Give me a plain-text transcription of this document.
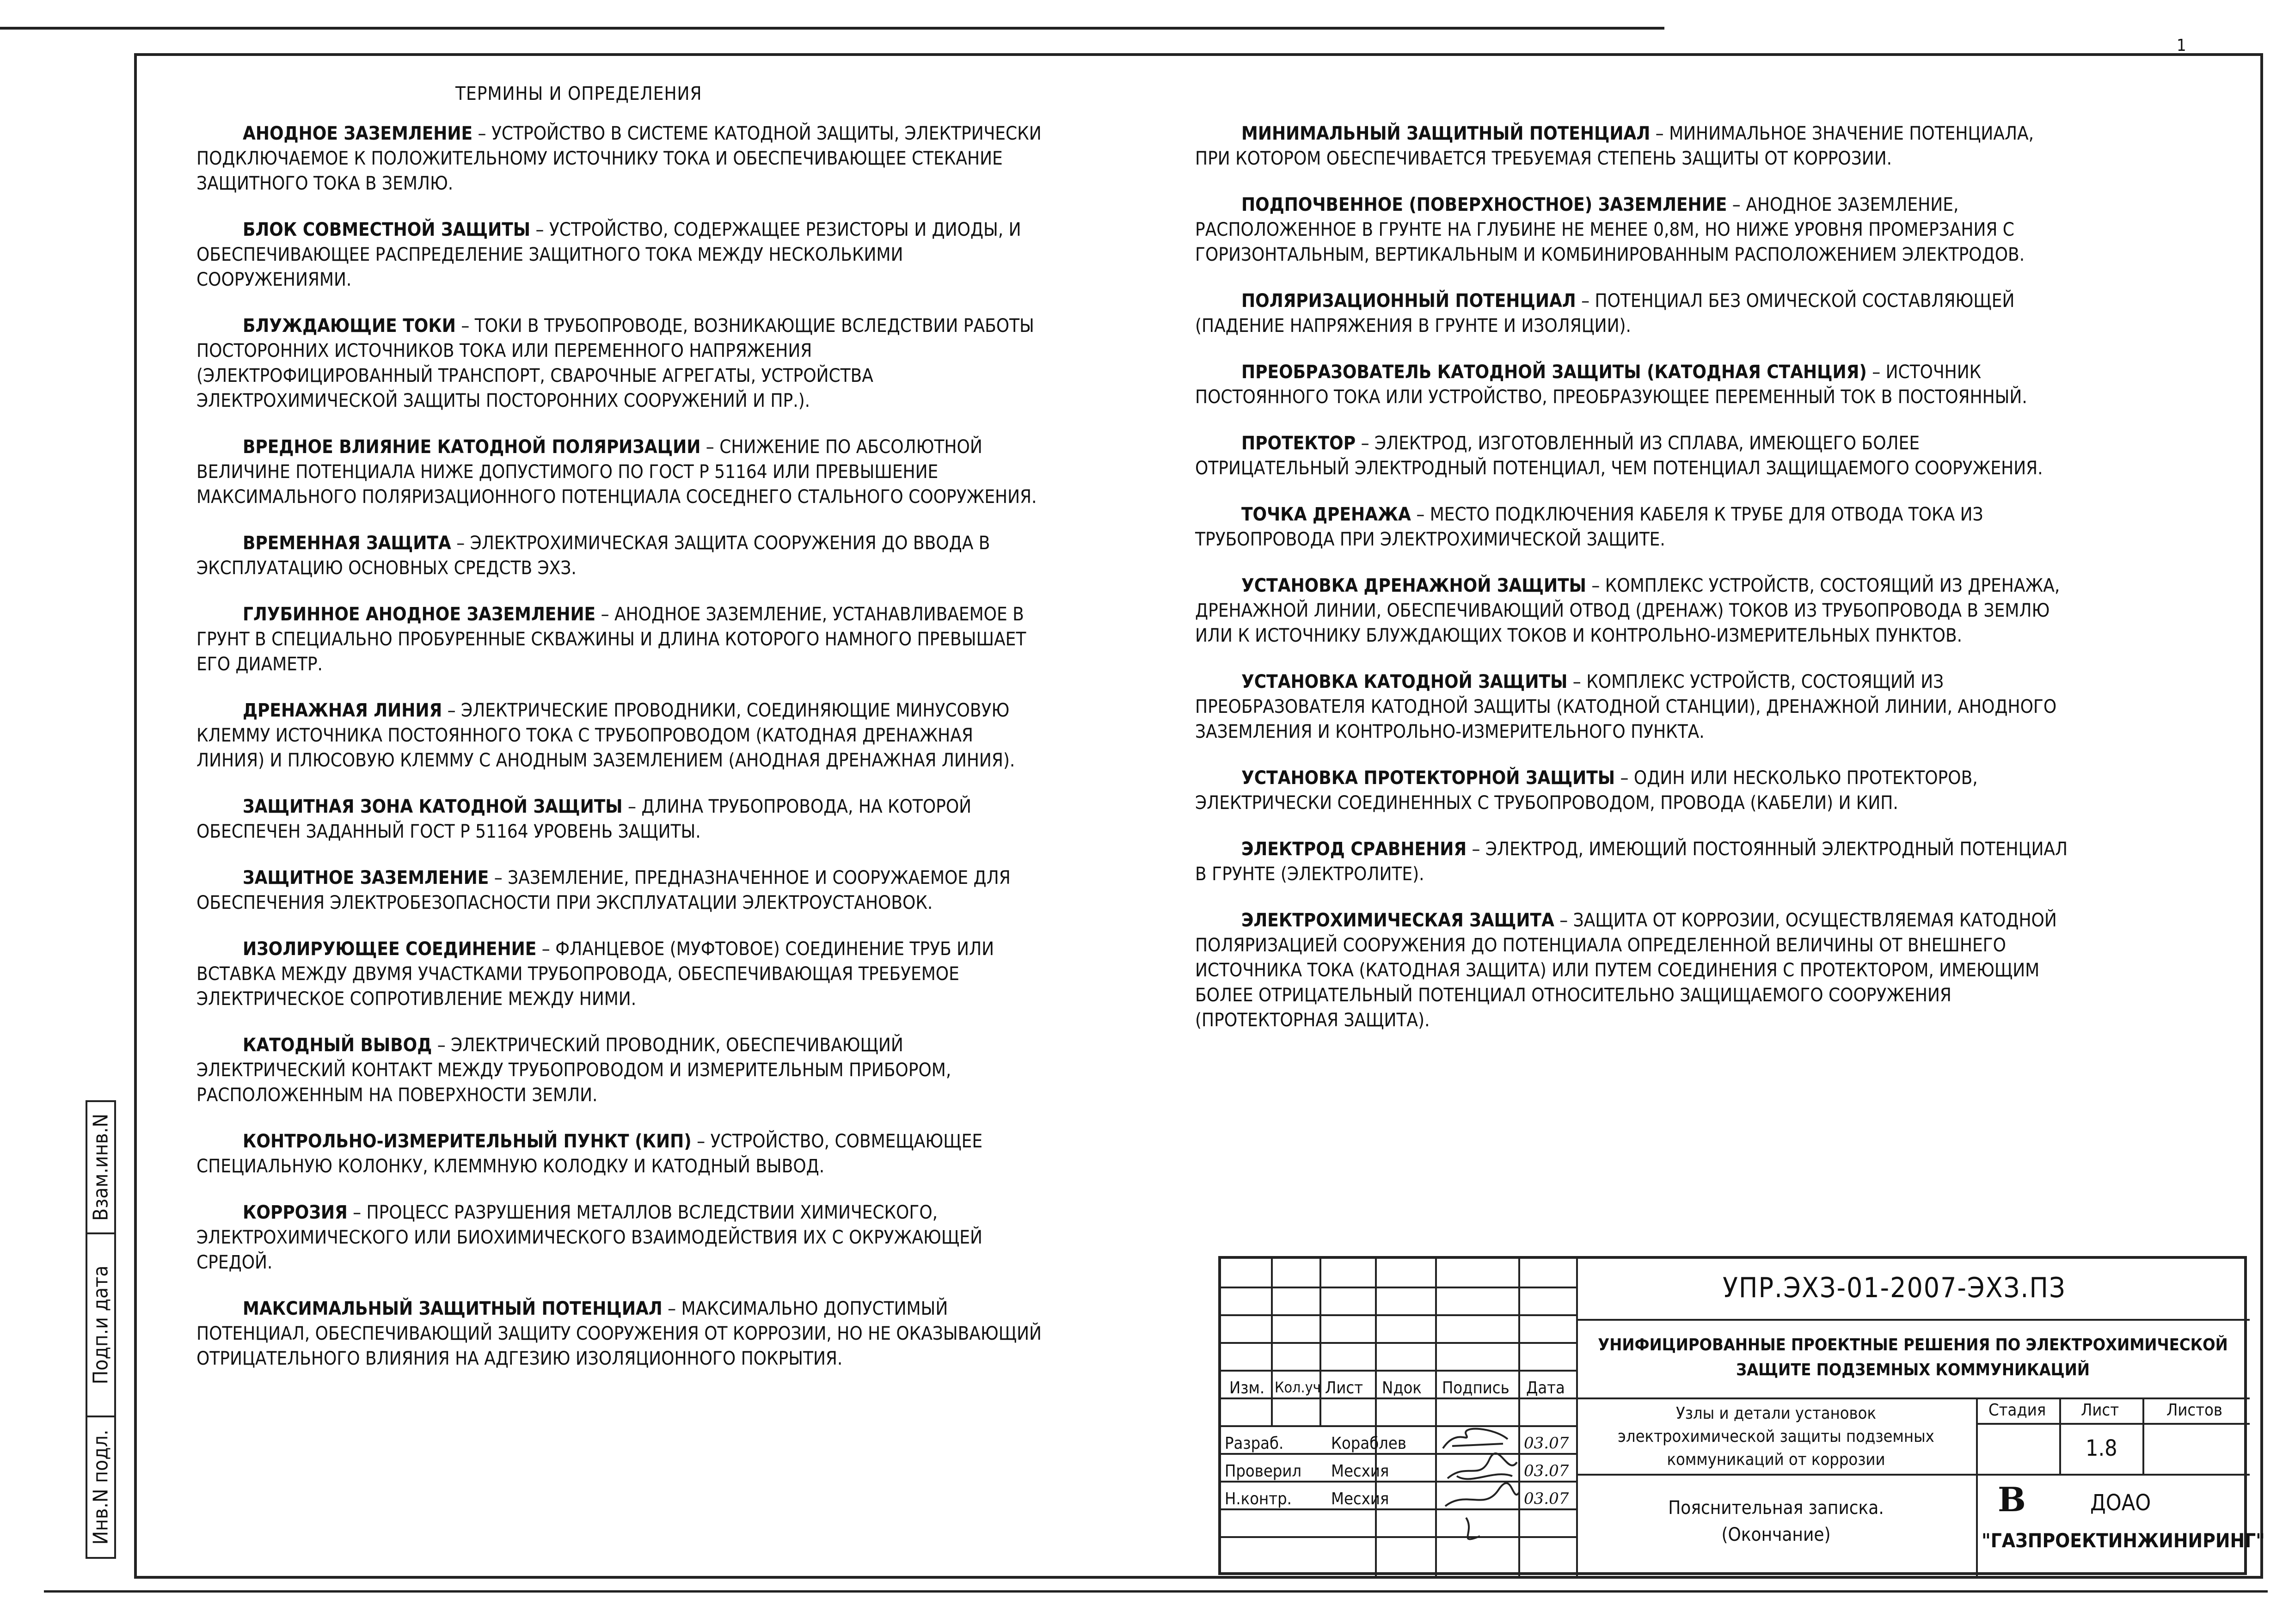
1
Взам.инв.N
Подп.и дата
Инв.N подл.
ТЕРМИНЫ И ОПРЕДЕЛЕНИЯ

АНОДНОЕ ЗАЗЕМЛЕНИЕ – УСТРОЙСТВО В СИСТЕМЕ КАТОДНОЙ ЗАЩИТЫ, ЭЛЕКТРИЧЕСКИ ПОДКЛЮЧАЕМОЕ К ПОЛОЖИТЕЛЬНОМУ ИСТОЧНИКУ ТОКА И ОБЕСПЕЧИВАЮЩЕЕ СТЕКАНИЕ ЗАЩИТНОГО ТОКА В ЗЕМЛЮ.

БЛОК СОВМЕСТНОЙ ЗАЩИТЫ – УСТРОЙСТВО, СОДЕРЖАЩЕЕ РЕЗИСТОРЫ И ДИОДЫ, И ОБЕСПЕЧИВАЮЩЕЕ РАСПРЕДЕЛЕНИЕ ЗАЩИТНОГО ТОКА МЕЖДУ НЕСКОЛЬКИМИ СООРУЖЕНИЯМИ.

БЛУЖДАЮЩИЕ ТОКИ – ТОКИ В ТРУБОПРОВОДЕ, ВОЗНИКАЮЩИЕ ВСЛЕДСТВИИ РАБОТЫ ПОСТОРОННИХ ИСТОЧНИКОВ ТОКА ИЛИ ПЕРЕМЕННОГО НАПРЯЖЕНИЯ (ЭЛЕКТРОФИЦИРОВАННЫЙ ТРАНСПОРТ, СВАРОЧНЫЕ АГРЕГАТЫ, УСТРОЙСТВА ЭЛЕКТРОХИМИЧЕСКОЙ ЗАЩИТЫ ПОСТОРОННИХ СООРУЖЕНИЙ И ПР.).

ВРЕДНОЕ ВЛИЯНИЕ КАТОДНОЙ ПОЛЯРИЗАЦИИ – СНИЖЕНИЕ ПО АБСОЛЮТНОЙ ВЕЛИЧИНЕ ПОТЕНЦИАЛА НИЖЕ ДОПУСТИМОГО ПО ГОСТ Р 51164 ИЛИ ПРЕВЫШЕНИЕ МАКСИМАЛЬНОГО ПОЛЯРИЗАЦИОННОГО ПОТЕНЦИАЛА СОСЕДНЕГО СТАЛЬНОГО СООРУЖЕНИЯ.

ВРЕМЕННАЯ ЗАЩИТА – ЭЛЕКТРОХИМИЧЕСКАЯ ЗАЩИТА СООРУЖЕНИЯ ДО ВВОДА В ЭКСПЛУАТАЦИЮ ОСНОВНЫХ СРЕДСТВ ЭХЗ.

ГЛУБИННОЕ АНОДНОЕ ЗАЗЕМЛЕНИЕ – АНОДНОЕ ЗАЗЕМЛЕНИЕ, УСТАНАВЛИВАЕМОЕ В ГРУНТ В СПЕЦИАЛЬНО ПРОБУРЕННЫЕ СКВАЖИНЫ И ДЛИНА КОТОРОГО НАМНОГО ПРЕВЫШАЕТ ЕГО ДИАМЕТР.

ДРЕНАЖНАЯ ЛИНИЯ – ЭЛЕКТРИЧЕСКИЕ ПРОВОДНИКИ, СОЕДИНЯЮЩИЕ МИНУСОВУЮ КЛЕММУ ИСТОЧНИКА ПОСТОЯННОГО ТОКА С ТРУБОПРОВОДОМ (КАТОДНАЯ ДРЕНАЖНАЯ ЛИНИЯ) И ПЛЮСОВУЮ КЛЕММУ С АНОДНЫМ ЗАЗЕМЛЕНИЕМ (АНОДНАЯ ДРЕНАЖНАЯ ЛИНИЯ).

ЗАЩИТНАЯ ЗОНА КАТОДНОЙ ЗАЩИТЫ – ДЛИНА ТРУБОПРОВОДА, НА КОТОРОЙ ОБЕСПЕЧЕН ЗАДАННЫЙ ГОСТ Р 51164 УРОВЕНЬ ЗАЩИТЫ.

ЗАЩИТНОЕ ЗАЗЕМЛЕНИЕ – ЗАЗЕМЛЕНИЕ, ПРЕДНАЗНАЧЕННОЕ И СООРУЖАЕМОЕ ДЛЯ ОБЕСПЕЧЕНИЯ ЭЛЕКТРОБЕЗОПАСНОСТИ ПРИ ЭКСПЛУАТАЦИИ ЭЛЕКТРОУСТАНОВОК.

ИЗОЛИРУЮЩЕЕ СОЕДИНЕНИЕ – ФЛАНЦЕВОЕ (МУФТОВОЕ) СОЕДИНЕНИЕ ТРУБ ИЛИ ВСТАВКА МЕЖДУ ДВУМЯ УЧАСТКАМИ ТРУБОПРОВОДА, ОБЕСПЕЧИВАЮЩАЯ ТРЕБУЕМОЕ ЭЛЕКТРИЧЕСКОЕ СОПРОТИВЛЕНИЕ МЕЖДУ НИМИ.

КАТОДНЫЙ ВЫВОД – ЭЛЕКТРИЧЕСКИЙ ПРОВОДНИК, ОБЕСПЕЧИВАЮЩИЙ ЭЛЕКТРИЧЕСКИЙ КОНТАКТ МЕЖДУ ТРУБОПРОВОДОМ И ИЗМЕРИТЕЛЬНЫМ ПРИБОРОМ, РАСПОЛОЖЕННЫМ НА ПОВЕРХНОСТИ ЗЕМЛИ.

КОНТРОЛЬНО-ИЗМЕРИТЕЛЬНЫЙ ПУНКТ (КИП) – УСТРОЙСТВО, СОВМЕЩАЮЩЕЕ СПЕЦИАЛЬНУЮ КОЛОНКУ, КЛЕММНУЮ КОЛОДКУ И КАТОДНЫЙ ВЫВОД.

КОРРОЗИЯ – ПРОЦЕСС РАЗРУШЕНИЯ МЕТАЛЛОВ ВСЛЕДСТВИИ ХИМИЧЕСКОГО, ЭЛЕКТРОХИМИЧЕСКОГО ИЛИ БИОХИМИЧЕСКОГО ВЗАИМОДЕЙСТВИЯ ИХ С ОКРУЖАЮЩЕЙ СРЕДОЙ.

МАКСИМАЛЬНЫЙ ЗАЩИТНЫЙ ПОТЕНЦИАЛ – МАКСИМАЛЬНО ДОПУСТИМЫЙ ПОТЕНЦИАЛ, ОБЕСПЕЧИВАЮЩИЙ ЗАЩИТУ СООРУЖЕНИЯ ОТ КОРРОЗИИ, НО НЕ ОКАЗЫВАЮЩИЙ ОТРИЦАТЕЛЬНОГО ВЛИЯНИЯ НА АДГЕЗИЮ ИЗОЛЯЦИОННОГО ПОКРЫТИЯ.

МИНИМАЛЬНЫЙ ЗАЩИТНЫЙ ПОТЕНЦИАЛ – МИНИМАЛЬНОЕ ЗНАЧЕНИЕ ПОТЕНЦИАЛА, ПРИ КОТОРОМ ОБЕСПЕЧИВАЕТСЯ ТРЕБУЕМАЯ СТЕПЕНЬ ЗАЩИТЫ ОТ КОРРОЗИИ.

ПОДПОЧВЕННОЕ (ПОВЕРХНОСТНОЕ) ЗАЗЕМЛЕНИЕ – АНОДНОЕ ЗАЗЕМЛЕНИЕ, РАСПОЛОЖЕННОЕ В ГРУНТЕ НА ГЛУБИНЕ НЕ МЕНЕЕ 0,8М, НО НИЖЕ УРОВНЯ ПРОМЕРЗАНИЯ С ГОРИЗОНТАЛЬНЫМ, ВЕРТИКАЛЬНЫМ И КОМБИНИРОВАННЫМ РАСПОЛОЖЕНИЕМ ЭЛЕКТРОДОВ.

ПОЛЯРИЗАЦИОННЫЙ ПОТЕНЦИАЛ – ПОТЕНЦИАЛ БЕЗ ОМИЧЕСКОЙ СОСТАВЛЯЮЩЕЙ (ПАДЕНИЕ НАПРЯЖЕНИЯ В ГРУНТЕ И ИЗОЛЯЦИИ).

ПРЕОБРАЗОВАТЕЛЬ КАТОДНОЙ ЗАЩИТЫ (КАТОДНАЯ СТАНЦИЯ) – ИСТОЧНИК ПОСТОЯННОГО ТОКА ИЛИ УСТРОЙСТВО, ПРЕОБРАЗУЮЩЕЕ ПЕРЕМЕННЫЙ ТОК В ПОСТОЯННЫЙ.

ПРОТЕКТОР – ЭЛЕКТРОД, ИЗГОТОВЛЕННЫЙ ИЗ СПЛАВА, ИМЕЮЩЕГО БОЛЕЕ ОТРИЦАТЕЛЬНЫЙ ЭЛЕКТРОДНЫЙ ПОТЕНЦИАЛ, ЧЕМ ПОТЕНЦИАЛ ЗАЩИЩАЕМОГО СООРУЖЕНИЯ.

ТОЧКА ДРЕНАЖА – МЕСТО ПОДКЛЮЧЕНИЯ КАБЕЛЯ К ТРУБЕ ДЛЯ ОТВОДА ТОКА ИЗ ТРУБОПРОВОДА ПРИ ЭЛЕКТРОХИМИЧЕСКОЙ ЗАЩИТЕ.

УСТАНОВКА ДРЕНАЖНОЙ ЗАЩИТЫ – КОМПЛЕКС УСТРОЙСТВ, СОСТОЯЩИЙ ИЗ ДРЕНАЖА, ДРЕНАЖНОЙ ЛИНИИ, ОБЕСПЕЧИВАЮЩИЙ ОТВОД (ДРЕНАЖ) ТОКОВ ИЗ ТРУБОПРОВОДА В ЗЕМЛЮ ИЛИ К ИСТОЧНИКУ БЛУЖДАЮЩИХ ТОКОВ И КОНТРОЛЬНО-ИЗМЕРИТЕЛЬНЫХ ПУНКТОВ.

УСТАНОВКА КАТОДНОЙ ЗАЩИТЫ – КОМПЛЕКС УСТРОЙСТВ, СОСТОЯЩИЙ ИЗ ПРЕОБРАЗОВАТЕЛЯ КАТОДНОЙ ЗАЩИТЫ (КАТОДНОЙ СТАНЦИИ), ДРЕНАЖНОЙ ЛИНИИ, АНОДНОГО ЗАЗЕМЛЕНИЯ И КОНТРОЛЬНО-ИЗМЕРИТЕЛЬНОГО ПУНКТА.

УСТАНОВКА ПРОТЕКТОРНОЙ ЗАЩИТЫ – ОДИН ИЛИ НЕСКОЛЬКО ПРОТЕКТОРОВ, ЭЛЕКТРИЧЕСКИ СОЕДИНЕННЫХ С ТРУБОПРОВОДОМ, ПРОВОДА (КАБЕЛИ) И КИП.

ЭЛЕКТРОД СРАВНЕНИЯ – ЭЛЕКТРОД, ИМЕЮЩИЙ ПОСТОЯННЫЙ ЭЛЕКТРОДНЫЙ ПОТЕНЦИАЛ В ГРУНТЕ (ЭЛЕКТРОЛИТЕ).

ЭЛЕКТРОХИМИЧЕСКАЯ ЗАЩИТА – ЗАЩИТА ОТ КОРРОЗИИ, ОСУЩЕСТВЛЯЕМАЯ КАТОДНОЙ ПОЛЯРИЗАЦИЕЙ СООРУЖЕНИЯ ДО ПОТЕНЦИАЛА ОПРЕДЕЛЕННОЙ ВЕЛИЧИНЫ ОТ ВНЕШНЕГО ИСТОЧНИКА ТОКА (КАТОДНАЯ ЗАЩИТА) ИЛИ ПУТЕМ СОЕДИНЕНИЯ С ПРОТЕКТОРОМ, ИМЕЮЩИМ БОЛЕЕ ОТРИЦАТЕЛЬНЫЙ ПОТЕНЦИАЛ ОТНОСИТЕЛЬНО ЗАЩИЩАЕМОГО СООРУЖЕНИЯ (ПРОТЕКТОРНАЯ ЗАЩИТА).

Изм. Кол.уч Лист Nдок Подпись Дата
Разраб.	Кораблев	03.07
Проверил Месхия	03.07
Н.контр. Месхия	03.07
УПР.ЭХЗ-01-2007-ЭХЗ.ПЗ
УНИФИЦИРОВАННЫЕ ПРОЕКТНЫЕ РЕШЕНИЯ ПО ЭЛЕКТРОХИМИЧЕСКОЙ
ЗАЩИТЕ ПОДЗЕМНЫХ КОММУНИКАЦИЙ
Узлы и детали установок
электрохимической защиты подземных
коммуникаций от коррозии
Пояснительная записка.
(Окончание)
Стадия Лист	Листов
1.8
B	ДОАО
"ГАЗПРОЕКТИНЖИНИРИНГ"
